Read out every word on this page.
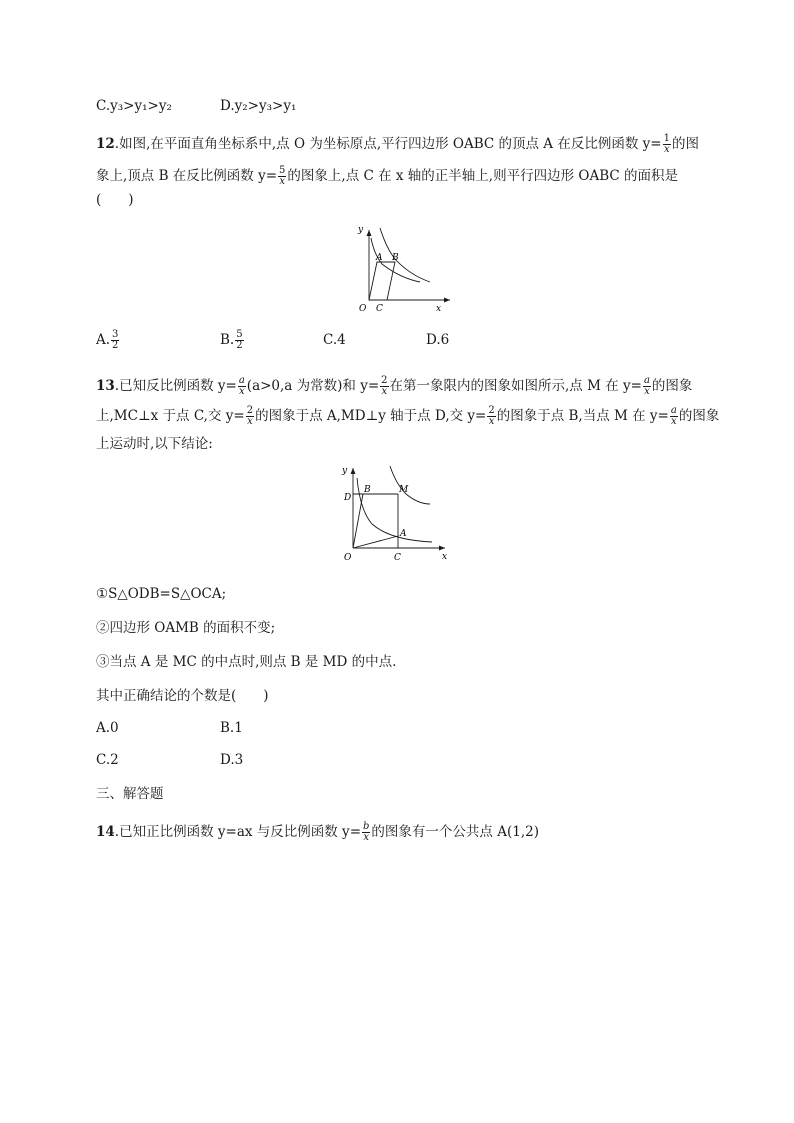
C.y₃>y₁>y₂	D.y₂>y₃>y₁
12.如图,在平面直角坐标系中,点 O 为坐标原点,平行四边形 OABC 的顶点 A 在反比例函数 $y= \frac{1}{x}$ 的图
象上,顶点 B 在反比例函数 $y= \frac{5}{x}$ 的图象上,点 C 在 x 轴的正半轴上,则平行四边形 OABC 的面积是
(　　)
y
x
O
A B
C
A. $\frac{3}{2}$	B. $\frac{5}{2}$	C.4	D.6
13.已知反比例函数 $y= \frac{a}{x} (a>0,a$ 为常数)和 $y= \frac{2}{x}$ 在第一象限内的图象如图所示,点 M 在 $y= \frac{a}{x}$ 的图象
上,MC⊥x 于点 C,交 $y= \frac{2}{x}$ 的图象于点 A,MD⊥y 轴于点 D,交 $y= \frac{2}{x}$ 的图象于点 B,当点 M 在 $y= \frac{a}{x}$ 的图象
上运动时,以下结论:
y
x
O
D
B	M
A
C
①S△ODB=S△OCA;
②四边形 OAMB 的面积不变;
③当点 A 是 MC 的中点时,则点 B 是 MD 的中点.
其中正确结论的个数是(　　)
A.0	B.1
C.2	D.3
三、解答题
14.已知正比例函数 y=ax 与反比例函数 $y= \frac{b}{x}$ 的图象有一个公共点 A(1,2)
